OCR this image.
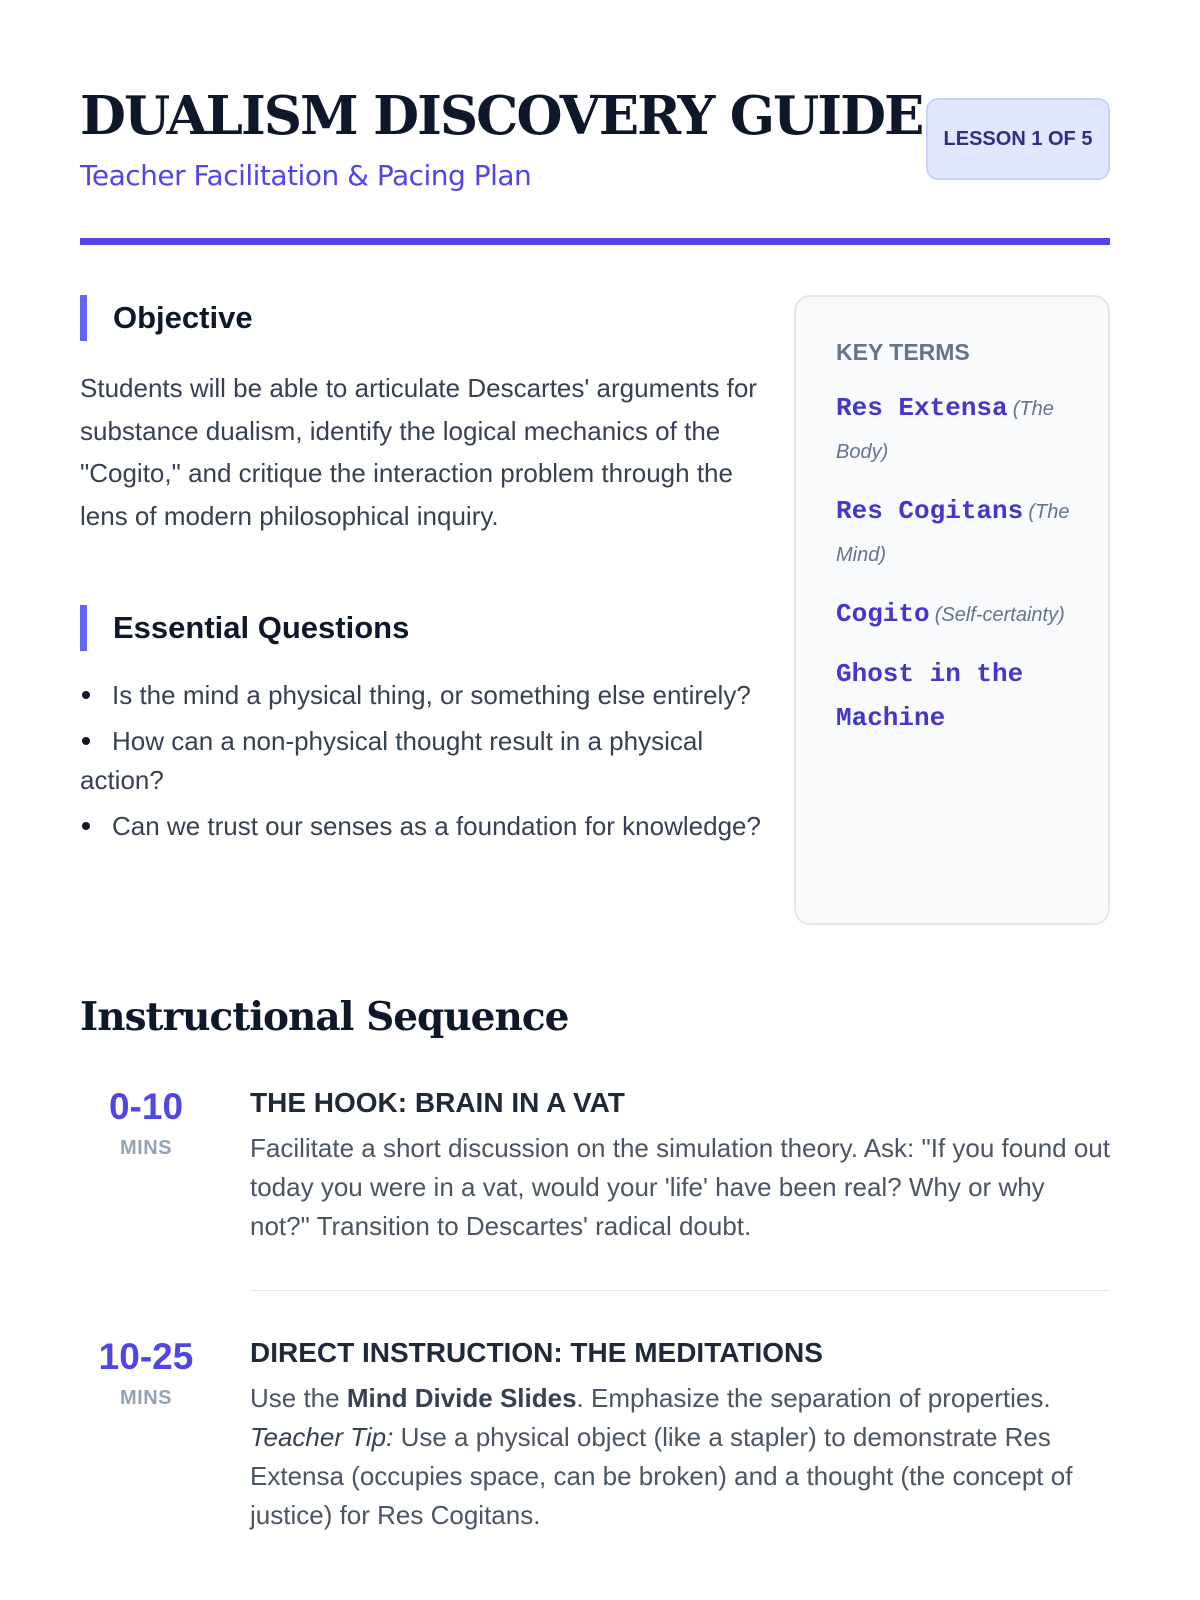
DUALISM DISCOVERY GUIDE
Teacher Facilitation & Pacing Plan
LESSON 1 OF 5
Objective

Students will be able to articulate Descartes' arguments for substance dualism, identify the logical mechanics of the "Cogito," and critique the interaction problem through the lens of modern philosophical inquiry.

Essential Questions
Is the mind a physical thing, or something else entirely?
How can a non-physical thought result in a physical action?
Can we trust our senses as a foundation for knowledge?
KEY TERMS
Res Extensa (The Body)
Res Cogitans (The Mind)
Cogito (Self-certainty)
Ghost in the Machine
Instructional Sequence
0-10
MINS
THE HOOK: BRAIN IN A VAT

Facilitate a short discussion on the simulation theory. Ask: "If you found out today you were in a vat, would your 'life' have been real? Why or why not?" Transition to Descartes' radical doubt.

10-25
MINS
DIRECT INSTRUCTION: THE MEDITATIONS

Use the Mind Divide Slides. Emphasize the separation of properties. Teacher Tip: Use a physical object (like a stapler) to demonstrate Res Extensa (occupies space, can be broken) and a thought (the concept of justice) for Res Cogitans.
